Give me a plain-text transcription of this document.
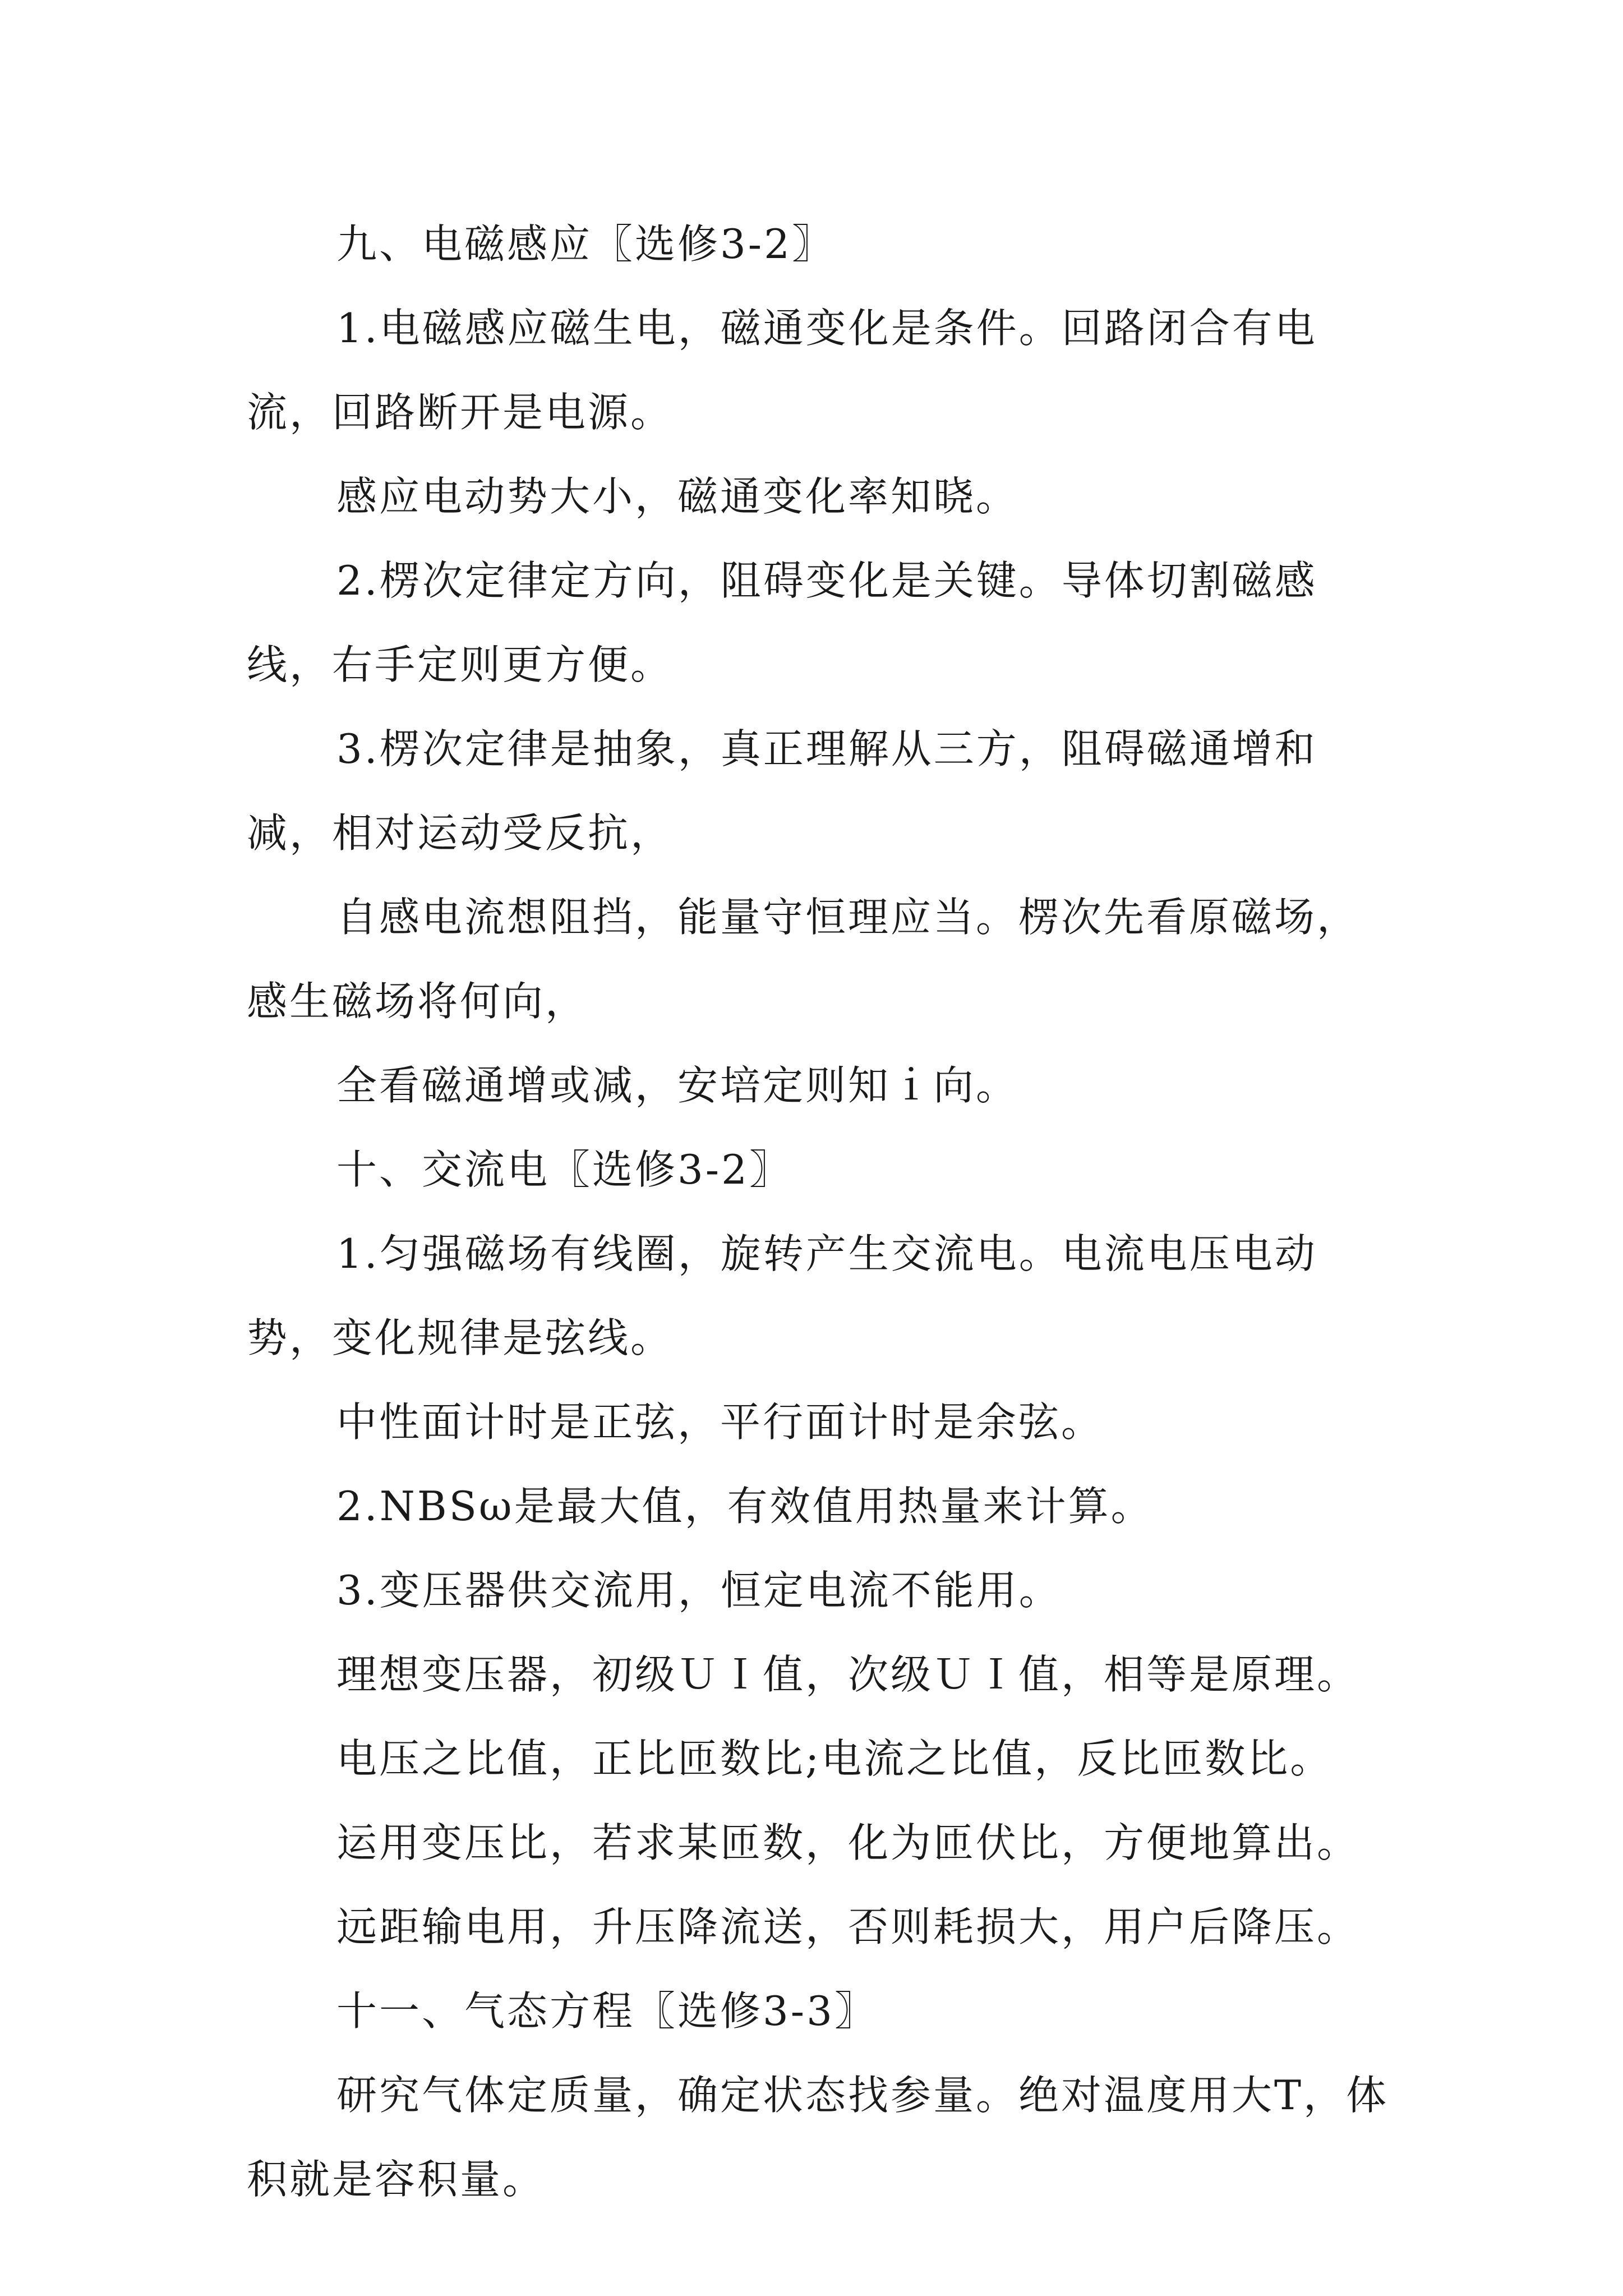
九、电磁感应〖选修3-2〗

1.电磁感应磁生电，磁通变化是条件。回路闭合有电流，回路断开是电源。

感应电动势大小，磁通变化率知晓。

2.楞次定律定方向，阻碍变化是关键。导体切割磁感线，右手定则更方便。

3.楞次定律是抽象，真正理解从三方，阻碍磁通增和减，相对运动受反抗，

自感电流想阻挡，能量守恒理应当。楞次先看原磁场，感生磁场将何向，

全看磁通增或减，安培定则知ｉ向。

十、交流电〖选修3-2〗

1.匀强磁场有线圈，旋转产生交流电。电流电压电动势，变化规律是弦线。

中性面计时是正弦，平行面计时是余弦。

2.NBSω是最大值，有效值用热量来计算。

3.变压器供交流用，恒定电流不能用。

理想变压器，初级ＵＩ值，次级ＵＩ值，相等是原理。

电压之比值，正比匝数比;电流之比值，反比匝数比。

运用变压比，若求某匝数，化为匝伏比，方便地算出。

远距输电用，升压降流送，否则耗损大，用户后降压。

十一、气态方程〖选修3-3〗

研究气体定质量，确定状态找参量。绝对温度用大T，体积就是容积量。
